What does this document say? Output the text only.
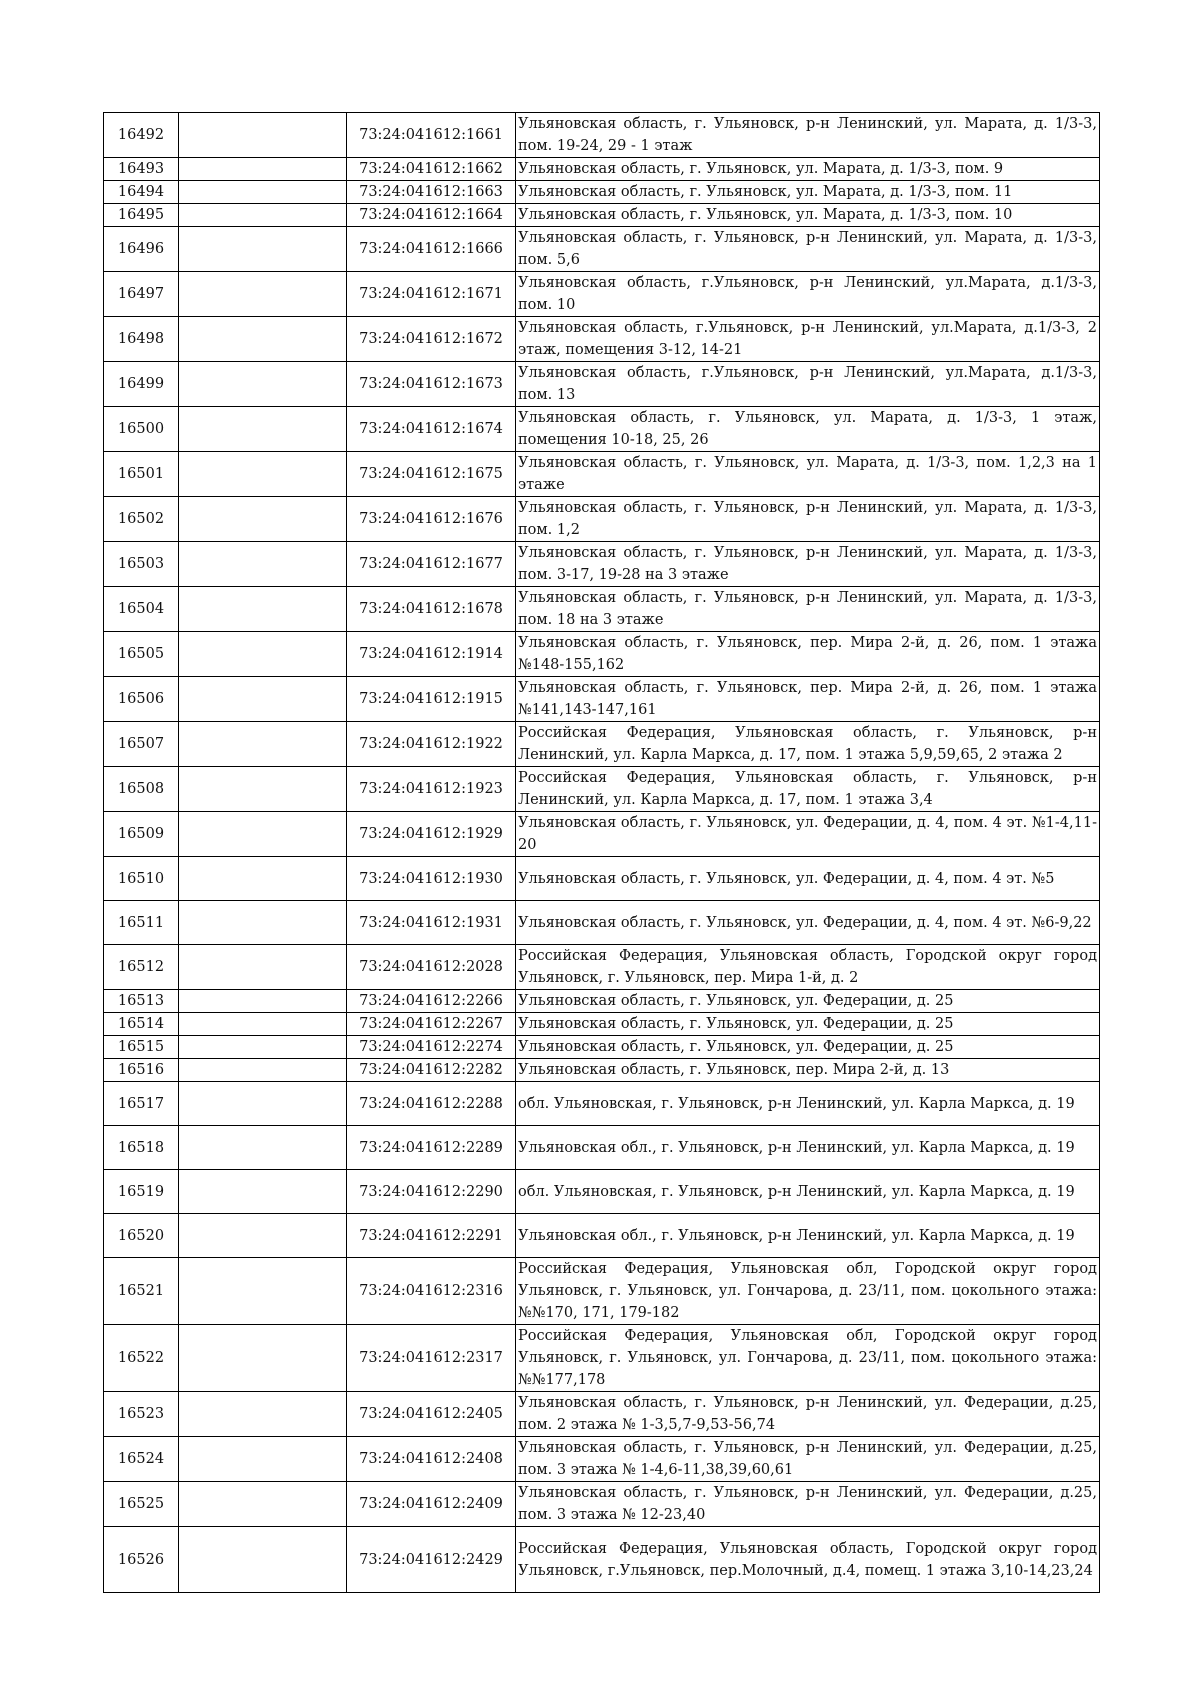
16492		73:24:041612:1661	Ульяновская область, г. Ульяновск, р-н Ленинский, ул. Марата, д. 1/3-3, пом. 19-24, 29 - 1 этаж
16493		73:24:041612:1662	Ульяновская область, г. Ульяновск, ул. Марата, д. 1/3-3, пом. 9
16494		73:24:041612:1663	Ульяновская область, г. Ульяновск, ул. Марата, д. 1/3-3, пом. 11
16495		73:24:041612:1664	Ульяновская область, г. Ульяновск, ул. Марата, д. 1/3-3, пом. 10
16496		73:24:041612:1666	Ульяновская область, г. Ульяновск, р-н Ленинский, ул. Марата, д. 1/3-3, пом. 5,6
16497		73:24:041612:1671	Ульяновская область, г.Ульяновск, р-н Ленинский, ул.Марата, д.1/3-3, пом. 10
16498		73:24:041612:1672	Ульяновская область, г.Ульяновск, р-н Ленинский, ул.Марата, д.1/3-3, 2 этаж, помещения 3-12, 14-21
16499		73:24:041612:1673	Ульяновская область, г.Ульяновск, р-н Ленинский, ул.Марата, д.1/3-3, пом. 13
16500		73:24:041612:1674	Ульяновская область, г. Ульяновск, ул. Марата, д. 1/3-3, 1 этаж, помещения 10-18, 25, 26
16501		73:24:041612:1675	Ульяновская область, г. Ульяновск, ул. Марата, д. 1/3-3, пом. 1,2,3 на 1 этаже
16502		73:24:041612:1676	Ульяновская область, г. Ульяновск, р-н Ленинский, ул. Марата, д. 1/3-3, пом. 1,2
16503		73:24:041612:1677	Ульяновская область, г. Ульяновск, р-н Ленинский, ул. Марата, д. 1/3-3, пом. 3-17, 19-28 на 3 этаже
16504		73:24:041612:1678	Ульяновская область, г. Ульяновск, р-н Ленинский, ул. Марата, д. 1/3-3, пом. 18 на 3 этаже
16505		73:24:041612:1914	Ульяновская область, г. Ульяновск, пер. Мира 2-й, д. 26, пом. 1 этажа №148-155,162
16506		73:24:041612:1915	Ульяновская область, г. Ульяновск, пер. Мира 2-й, д. 26, пом. 1 этажа №141,143-147,161
16507		73:24:041612:1922	Российская Федерация, Ульяновская область, г. Ульяновск, р-н Ленинский, ул. Карла Маркса, д. 17, пом. 1 этажа 5,9,59,65, 2 этажа 2
16508		73:24:041612:1923	Российская Федерация, Ульяновская область, г. Ульяновск, р-н Ленинский, ул. Карла Маркса, д. 17, пом. 1 этажа 3,4
16509		73:24:041612:1929	Ульяновская область, г. Ульяновск, ул. Федерации, д. 4, пом. 4 эт. №1-4,11-20
16510		73:24:041612:1930	Ульяновская область, г. Ульяновск, ул. Федерации, д. 4, пом. 4 эт. №5
16511		73:24:041612:1931	Ульяновская область, г. Ульяновск, ул. Федерации, д. 4, пом. 4 эт. №6-9,22
16512		73:24:041612:2028	Российская Федерация, Ульяновская область, Городской округ город Ульяновск, г. Ульяновск, пер. Мира 1-й, д. 2
16513		73:24:041612:2266	Ульяновская область, г. Ульяновск, ул. Федерации, д. 25
16514		73:24:041612:2267	Ульяновская область, г. Ульяновск, ул. Федерации, д. 25
16515		73:24:041612:2274	Ульяновская область, г. Ульяновск, ул. Федерации, д. 25
16516		73:24:041612:2282	Ульяновская область, г. Ульяновск, пер. Мира 2-й, д. 13
16517		73:24:041612:2288	обл. Ульяновская, г. Ульяновск, р-н Ленинский, ул. Карла Маркса, д. 19
16518		73:24:041612:2289	Ульяновская обл., г. Ульяновск, р-н Ленинский, ул. Карла Маркса, д. 19
16519		73:24:041612:2290	обл. Ульяновская, г. Ульяновск, р-н Ленинский, ул. Карла Маркса, д. 19
16520		73:24:041612:2291	Ульяновская обл., г. Ульяновск, р-н Ленинский, ул. Карла Маркса, д. 19
16521		73:24:041612:2316	Российская Федерация, Ульяновская обл, Городской округ город Ульяновск, г. Ульяновск, ул. Гончарова, д. 23/11, пом. цокольного этажа: №№170, 171, 179-182
16522		73:24:041612:2317	Российская Федерация, Ульяновская обл, Городской округ город Ульяновск, г. Ульяновск, ул. Гончарова, д. 23/11, пом. цокольного этажа: №№177,178
16523		73:24:041612:2405	Ульяновская область, г. Ульяновск, р-н Ленинский, ул. Федерации, д.25, пом. 2 этажа № 1-3,5,7-9,53-56,74
16524		73:24:041612:2408	Ульяновская область, г. Ульяновск, р-н Ленинский, ул. Федерации, д.25, пом. 3 этажа № 1-4,6-11,38,39,60,61
16525		73:24:041612:2409	Ульяновская область, г. Ульяновск, р-н Ленинский, ул. Федерации, д.25, пом. 3 этажа № 12-23,40
16526		73:24:041612:2429	Российская Федерация, Ульяновская область, Городской округ город Ульяновск, г.Ульяновск, пер.Молочный, д.4, помещ. 1 этажа 3,10-14,23,24
